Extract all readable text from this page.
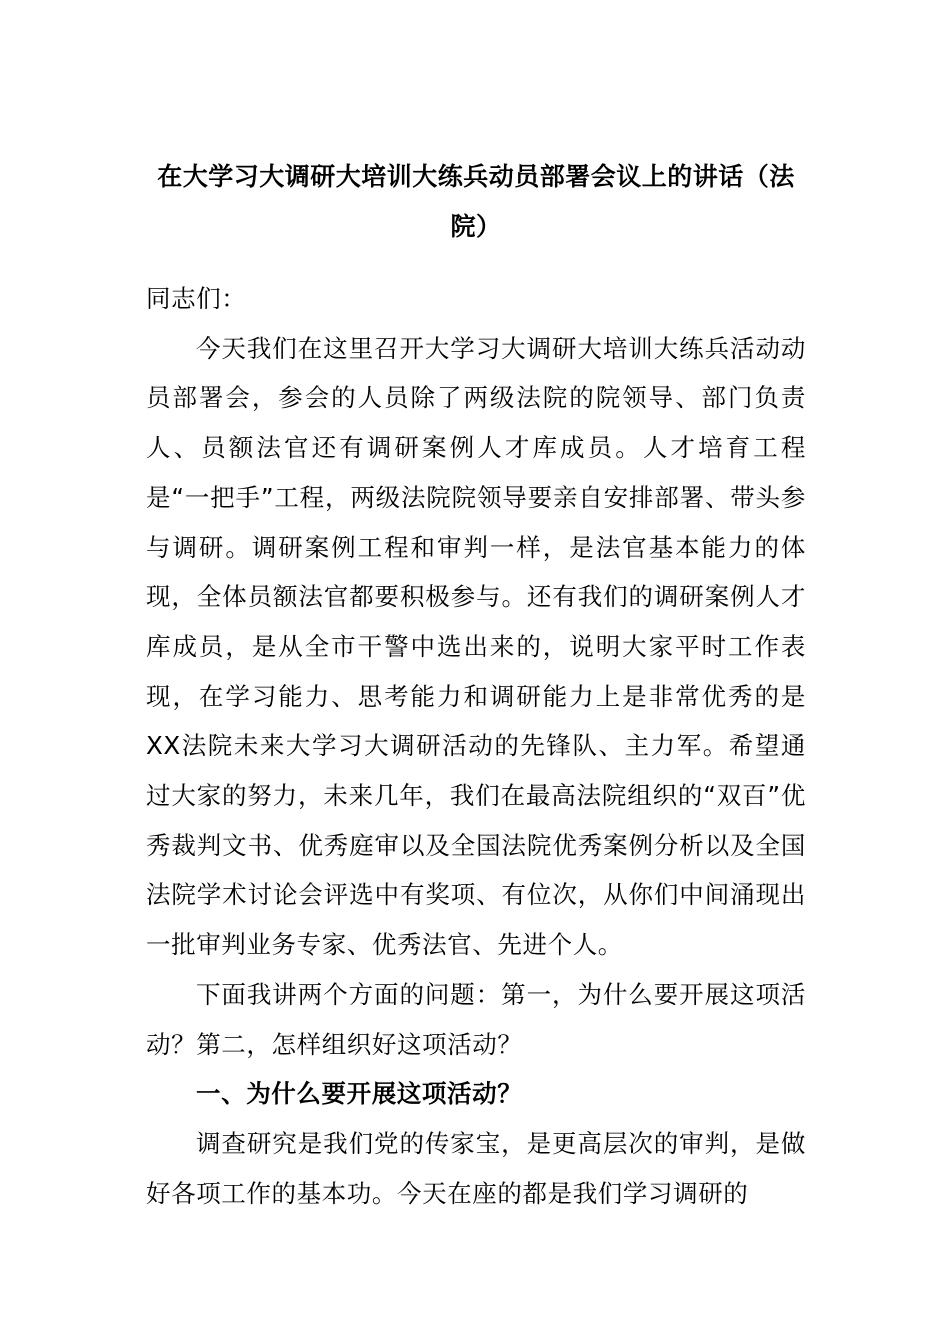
在大学习大调研大培训大练兵动员部署会议上的讲话（法院）

同志们：

今天我们在这里召开大学习大调研大培训大练兵活动动员部署会，参会的人员除了两级法院的院领导、部门负责人、员额法官还有调研案例人才库成员。人才培育工程是“一把手”工程，两级法院院领导要亲自安排部署、带头参与调研。调研案例工程和审判一样，是法官基本能力的体现，全体员额法官都要积极参与。还有我们的调研案例人才库成员，是从全市干警中选出来的，说明大家平时工作表现，在学习能力、思考能力和调研能力上是非常优秀的是XX法院未来大学习大调研活动的先锋队、主力军。希望通过大家的努力，未来几年，我们在最高法院组织的“双百”优秀裁判文书、优秀庭审以及全国法院优秀案例分析以及全国法院学术讨论会评选中有奖项、有位次，从你们中间涌现出一批审判业务专家、优秀法官、先进个人。

下面我讲两个方面的问题：第一，为什么要开展这项活动？第二，怎样组织好这项活动？

一、为什么要开展这项活动？

调查研究是我们党的传家宝，是更高层次的审判，是做好各项工作的基本功。今天在座的都是我们学习调研的
